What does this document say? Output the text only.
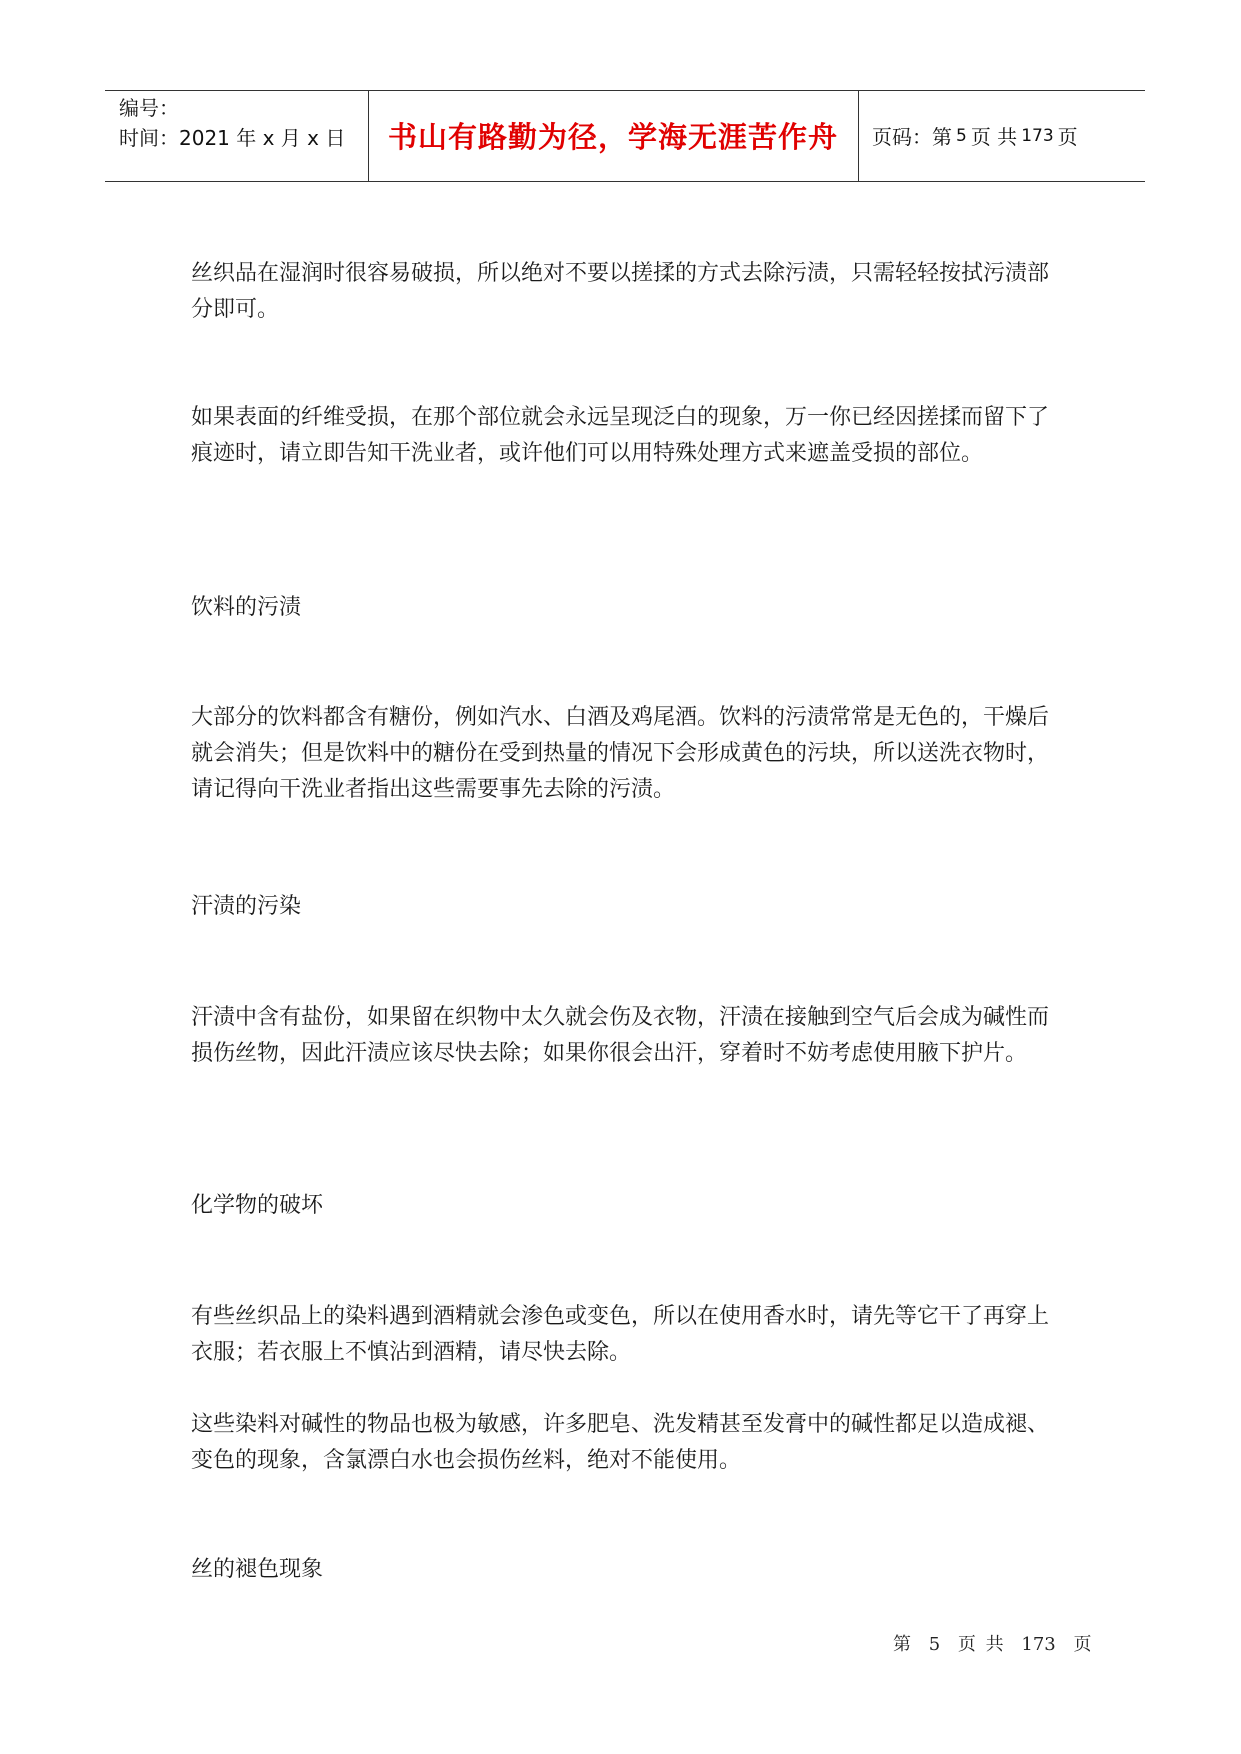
编号：
时间：2021 年 x 月 x 日	书山有路勤为径，学海无涯苦作舟	页码：第 5 页 共 173 页

丝织品在湿润时很容易破损，所以绝对不要以搓揉的方式去除污渍，只需轻轻按拭污渍部分即可。

如果表面的纤维受损，在那个部位就会永远呈现泛白的现象，万一你已经因搓揉而留下了痕迹时，请立即告知干洗业者，或许他们可以用特殊处理方式来遮盖受损的部位。

饮料的污渍

大部分的饮料都含有糖份，例如汽水、白酒及鸡尾酒。饮料的污渍常常是无色的，干燥后就会消失；但是饮料中的糖份在受到热量的情况下会形成黄色的污块，所以送洗衣物时，请记得向干洗业者指出这些需要事先去除的污渍。

汗渍的污染

汗渍中含有盐份，如果留在织物中太久就会伤及衣物，汗渍在接触到空气后会成为碱性而损伤丝物，因此汗渍应该尽快去除；如果你很会出汗，穿着时不妨考虑使用腋下护片。

化学物的破坏

有些丝织品上的染料遇到酒精就会渗色或变色，所以在使用香水时，请先等它干了再穿上衣服；若衣服上不慎沾到酒精，请尽快去除。

这些染料对碱性的物品也极为敏感，许多肥皂、洗发精甚至发膏中的碱性都足以造成褪、变色的现象，含氯漂白水也会损伤丝料，绝对不能使用。

丝的褪色现象

第 5 页 共 173 页
